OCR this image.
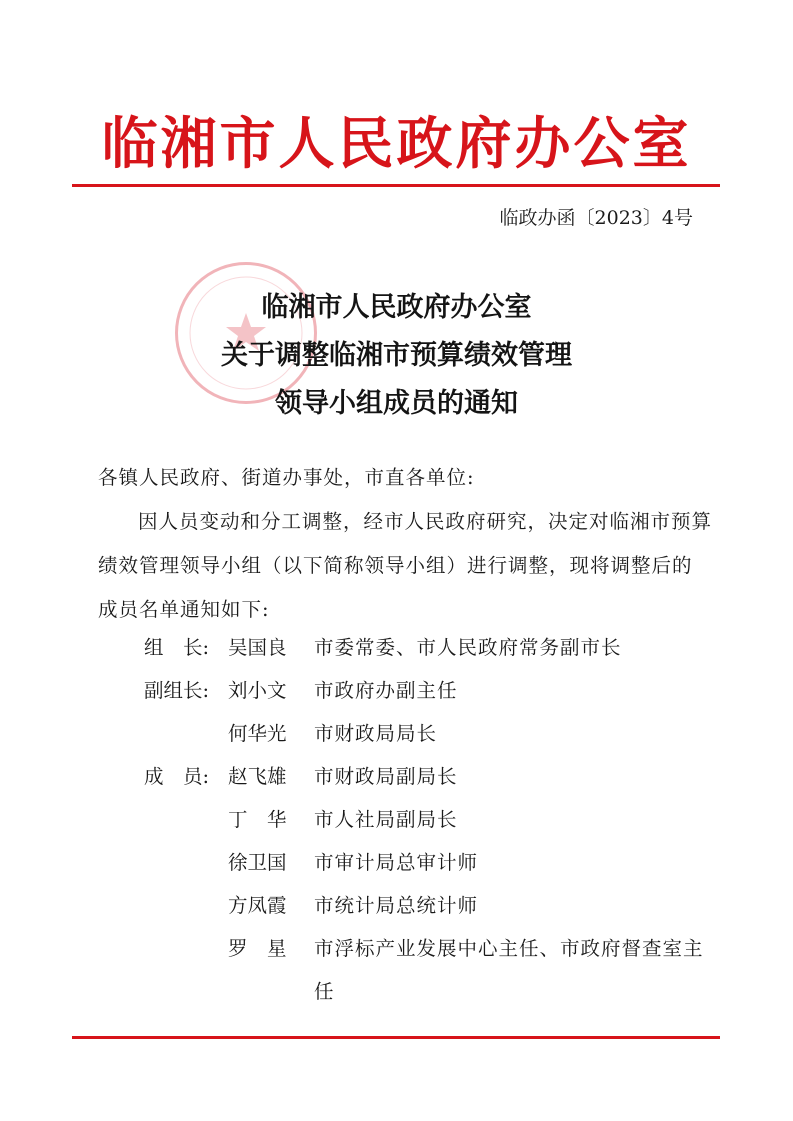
临湘市人民政府办公室
临政办函〔2023〕4号
临湘市人民政府办公室
关于调整临湘市预算绩效管理
领导小组成员的通知
各镇人民政府、街道办事处，市直各单位:
因人员变动和分工调整，经市人民政府研究，决定对临湘市预算绩效管理领导小组（以下简称领导小组）进行调整，现将调整后的成员名单通知如下:
组　长: 吴国良	市委常委、市人民政府常务副市长
副组长: 刘小文	市政府办副主任
何华光	市财政局局长
成　员: 赵飞雄	市财政局副局长
丁　华	市人社局副局长
徐卫国	市审计局总审计师
方凤霞	市统计局总统计师
罗　星	市浮标产业发展中心主任、市政府督查室主任
